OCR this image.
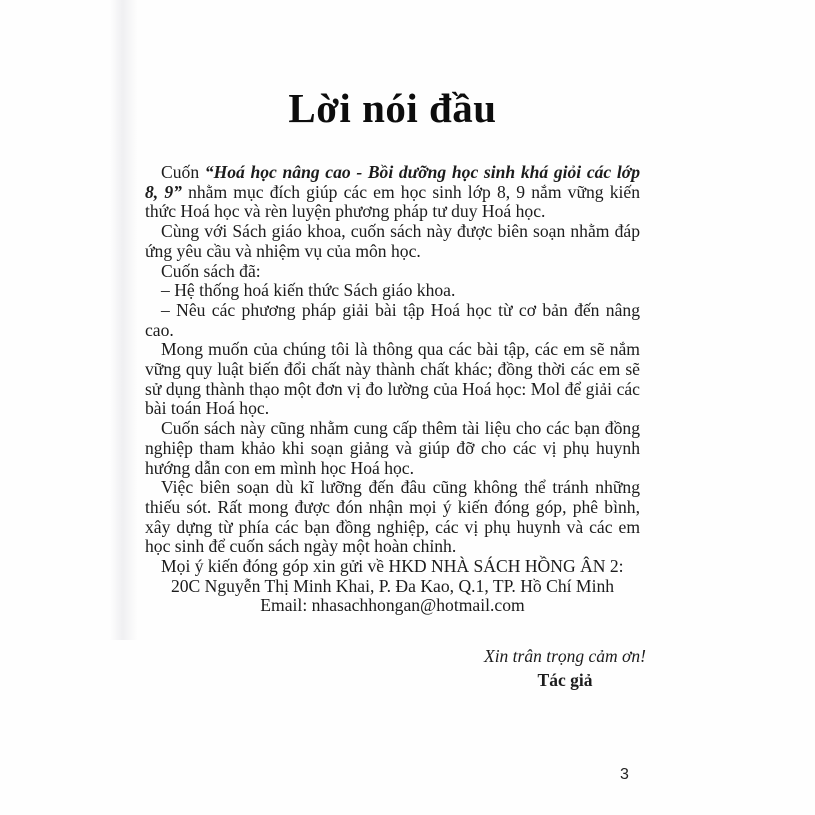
Lời nói đầu

Cuốn “Hoá học nâng cao - Bồi dưỡng học sinh khá giỏi các lớp 8, 9” nhằm mục đích giúp các em học sinh lớp 8, 9 nắm vững kiến thức Hoá học và rèn luyện phương pháp tư duy Hoá học.

Cùng với Sách giáo khoa, cuốn sách này được biên soạn nhằm đáp ứng yêu cầu và nhiệm vụ của môn học.

Cuốn sách đã:

– Hệ thống hoá kiến thức Sách giáo khoa.

– Nêu các phương pháp giải bài tập Hoá học từ cơ bản đến nâng cao.

Mong muốn của chúng tôi là thông qua các bài tập, các em sẽ nắm vững quy luật biến đổi chất này thành chất khác; đồng thời các em sẽ sử dụng thành thạo một đơn vị đo lường của Hoá học: Mol để giải các bài toán Hoá học.

Cuốn sách này cũng nhằm cung cấp thêm tài liệu cho các bạn đồng nghiệp tham khảo khi soạn giảng và giúp đỡ cho các vị phụ huynh hướng dẫn con em mình học Hoá học.

Việc biên soạn dù kĩ lưỡng đến đâu cũng không thể tránh những thiếu sót. Rất mong được đón nhận mọi ý kiến đóng góp, phê bình, xây dựng từ phía các bạn đồng nghiệp, các vị phụ huynh và các em học sinh để cuốn sách ngày một hoàn chỉnh.

Mọi ý kiến đóng góp xin gửi về HKD NHÀ SÁCH HỒNG ÂN 2:

20C Nguyễn Thị Minh Khai, P. Đa Kao, Q.1, TP. Hồ Chí Minh

Email: nhasachhongan@hotmail.com

Xin trân trọng cảm ơn!
Tác giả
3
